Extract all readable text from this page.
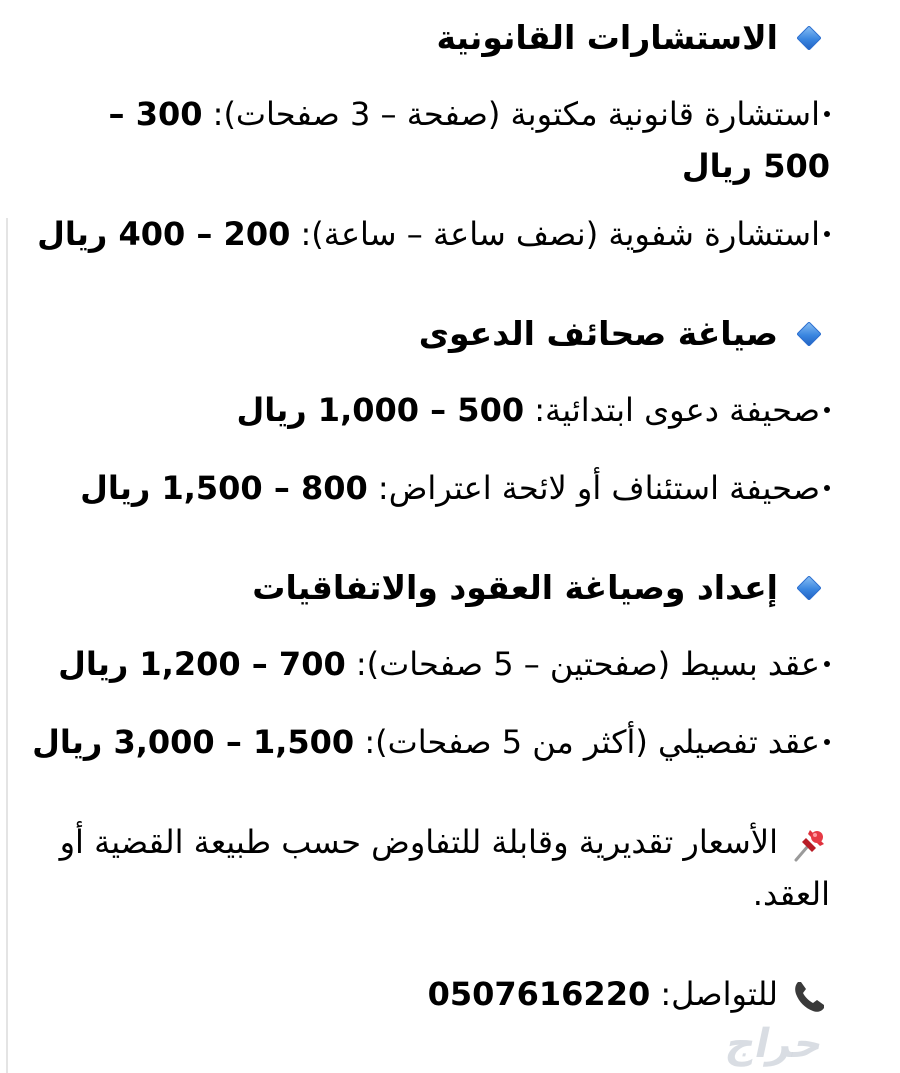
الاستشارات القانونية
استشارة قانونية مكتوبة (صفحة – 3 صفحات): 300 – 500 ريال
استشارة شفوية (نصف ساعة – ساعة): 200 – 400 ريال
صياغة صحائف الدعوى
صحيفة دعوى ابتدائية: 500 – 1,000 ريال
صحيفة استئناف أو لائحة اعتراض: 800 – 1,500 ريال
إعداد وصياغة العقود والاتفاقيات
عقد بسيط (صفحتين – 5 صفحات): 700 – 1,200 ريال
عقد تفصيلي (أكثر من 5 صفحات): 1,500 – 3,000 ريال
الأسعار تقديرية وقابلة للتفاوض حسب طبيعة القضية أو العقد.
للتواصل: 0507616220
حراج
